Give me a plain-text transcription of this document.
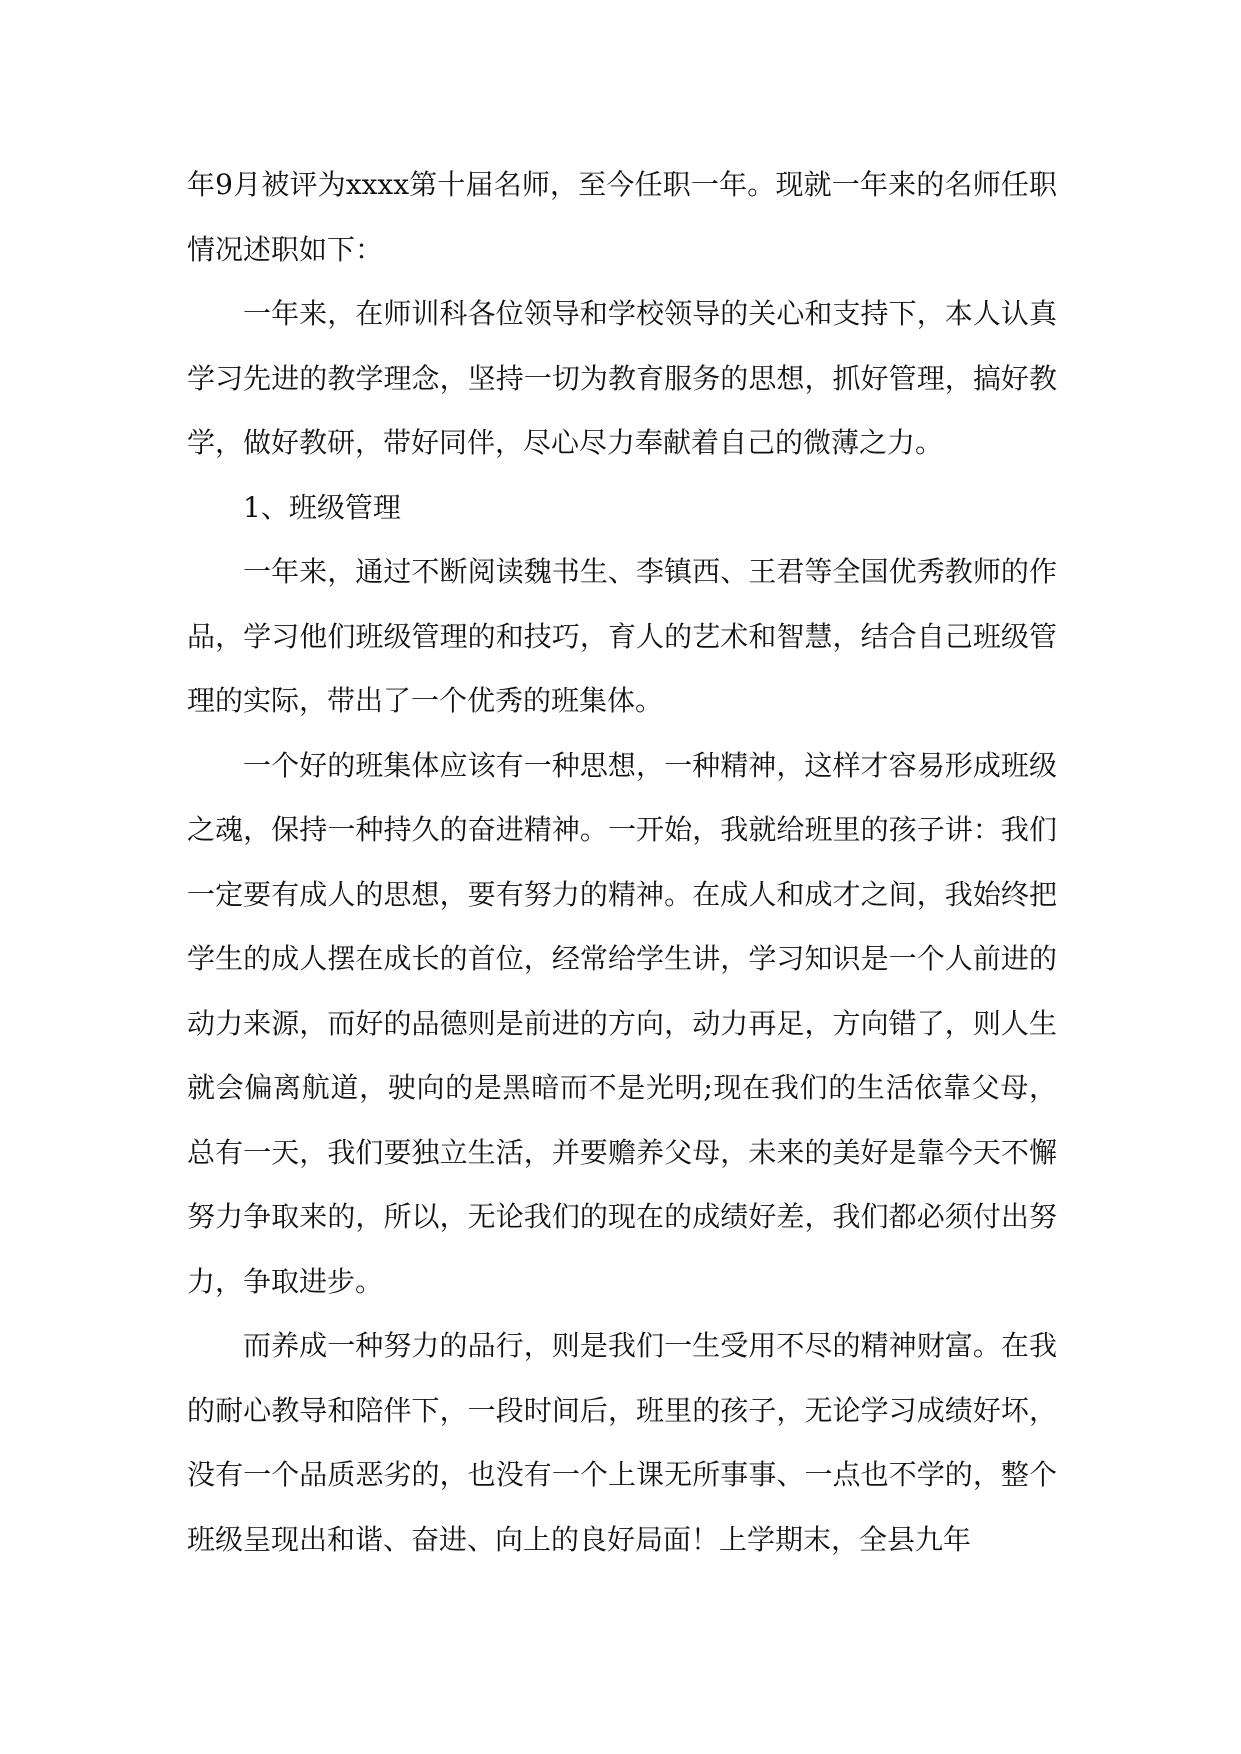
年9月被评为xxxx第十届名师，至今任职一年。现就一年来的名师任职情况述职如下：

一年来，在师训科各位领导和学校领导的关心和支持下，本人认真学习先进的教学理念，坚持一切为教育服务的思想，抓好管理，搞好教学，做好教研，带好同伴，尽心尽力奉献着自己的微薄之力。

1、班级管理

一年来，通过不断阅读魏书生、李镇西、王君等全国优秀教师的作品，学习他们班级管理的和技巧，育人的艺术和智慧，结合自己班级管理的实际，带出了一个优秀的班集体。

一个好的班集体应该有一种思想，一种精神，这样才容易形成班级之魂，保持一种持久的奋进精神。一开始，我就给班里的孩子讲：我们一定要有成人的思想，要有努力的精神。在成人和成才之间，我始终把学生的成人摆在成长的首位，经常给学生讲，学习知识是一个人前进的动力来源，而好的品德则是前进的方向，动力再足，方向错了，则人生就会偏离航道，驶向的是黑暗而不是光明;现在我们的生活依靠父母，总有一天，我们要独立生活，并要赡养父母，未来的美好是靠今天不懈努力争取来的，所以，无论我们的现在的成绩好差，我们都必须付出努力，争取进步。

而养成一种努力的品行，则是我们一生受用不尽的精神财富。在我的耐心教导和陪伴下，一段时间后，班里的孩子，无论学习成绩好坏，没有一个品质恶劣的，也没有一个上课无所事事、一点也不学的，整个班级呈现出和谐、奋进、向上的良好局面！上学期末，全县九年
